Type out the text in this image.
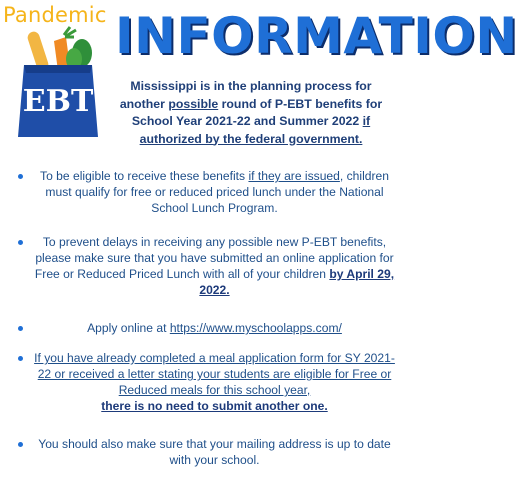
Pandemic
EBT
INFORMATION
Mississippi is in the planning process for another possible round of P-EBT benefits for School Year 2021-22 and Summer 2022 if authorized by the federal government.
To be eligible to receive these benefits if they are issued, children must qualify for free or reduced priced lunch under the National School Lunch Program.
To prevent delays in receiving any possible new P-EBT benefits, please make sure that you have submitted an online application for Free or Reduced Priced Lunch with all of your children by April 29, 2022.
Apply online at https://www.myschoolapps.com/
If you have already completed a meal application form for SY 2021-22 or received a letter stating your students are eligible for Free or Reduced meals for this school year,
there is no need to submit another one.
You should also make sure that your mailing address is up to date with your school.
